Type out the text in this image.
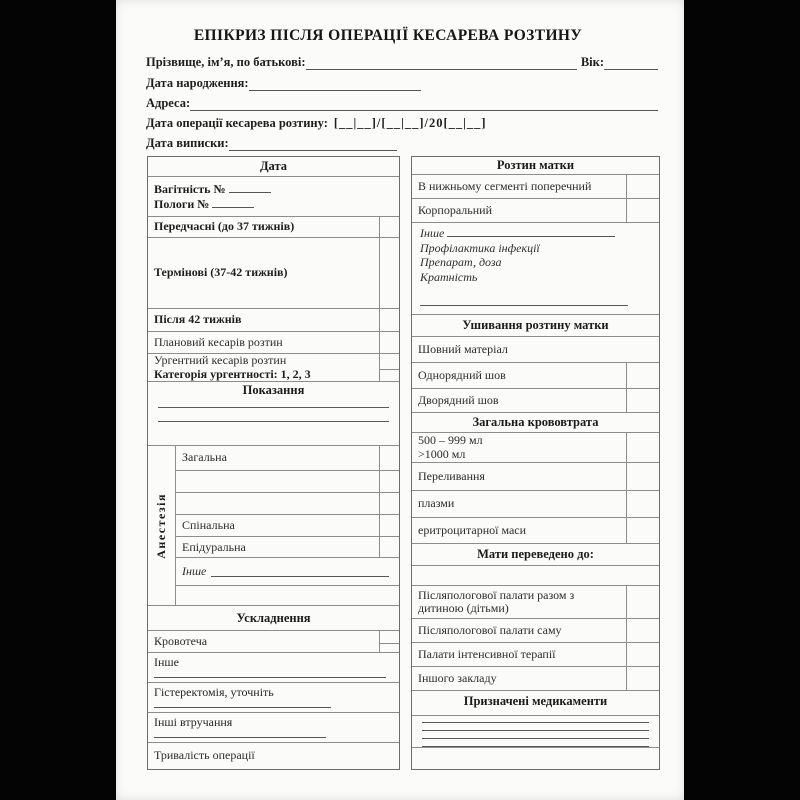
ЕПІКРИЗ ПІСЛЯ ОПЕРАЦІЇ КЕСАРЕВА РОЗТИНУ
Прізвище, ім’я, по батькові:	Вік:
Дата народження:
Адреса:
Дата операції кесарева розтину: [__|__]/[__|__]/20[__|__]
Дата виписки:
Дата
Вагітність №
Пологи №
Передчасні (до 37 тижнів)
Термінові (37-42 тижнів)
Після 42 тижнів
Плановий кесарів розтин
Ургентний кесарів розтин
Категорія ургентності: 1, 2, 3
Показання
Анестезія
Загальна
Спінальна
Епідуральна
Інше
Ускладнення
Кровотеча
Інше
Гістеректомія, уточніть
Інші втручання
Тривалість операції
Розтин матки
В нижньому сегменті поперечний
Корпоральний
Інше
Профілактика інфекції
Препарат, доза
Кратність
Ушивання розтину матки
Шовний матеріал
Однорядний шов
Дворядний шов
Загальна крововтрата
500 – 999 мл
>1000 мл
Переливання
плазми
еритроцитарної маси
Мати переведено до:
Післяпологової палати разом з дитиною (дітьми)
Післяпологової палати саму
Палати інтенсивної терапії
Іншого закладу
Призначені медикаменти
